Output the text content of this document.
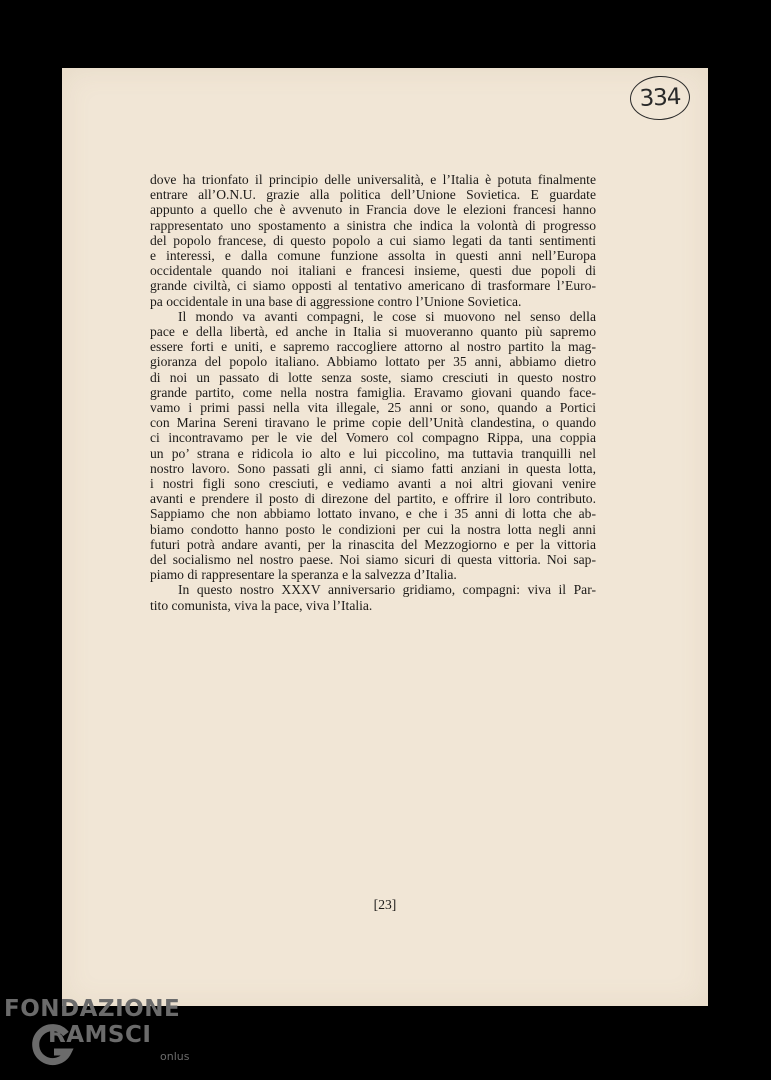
334
dove ha trionfato il principio delle universalità, e l’Italia è potuta finalmente
entrare all’O.N.U. grazie alla politica dell’Unione Sovietica. E guardate
appunto a quello che è avvenuto in Francia dove le elezioni francesi hanno
rappresentato uno spostamento a sinistra che indica la volontà di progresso
del popolo francese, di questo popolo a cui siamo legati da tanti sentimenti
e interessi, e dalla comune funzione assolta in questi anni nell’Europa
occidentale quando noi italiani e francesi insieme, questi due popoli di
grande civiltà, ci siamo opposti al tentativo americano di trasformare l’Euro-
pa occidentale in una base di aggressione contro l’Unione Sovietica.
Il mondo va avanti compagni, le cose si muovono nel senso della
pace e della libertà, ed anche in Italia si muoveranno quanto più sapremo
essere forti e uniti, e sapremo raccogliere attorno al nostro partito la mag-
gioranza del popolo italiano. Abbiamo lottato per 35 anni, abbiamo dietro
di noi un passato di lotte senza soste, siamo cresciuti in questo nostro
grande partito, come nella nostra famiglia. Eravamo giovani quando face-
vamo i primi passi nella vita illegale, 25 anni or sono, quando a Portici
con Marina Sereni tiravano le prime copie dell’Unità clandestina, o quando
ci incontravamo per le vie del Vomero col compagno Rippa, una coppia
un po’ strana e ridicola io alto e lui piccolino, ma tuttavia tranquilli nel
nostro lavoro. Sono passati gli anni, ci siamo fatti anziani in questa lotta,
i nostri figli sono cresciuti, e vediamo avanti a noi altri giovani venire
avanti e prendere il posto di direzone del partito, e offrire il loro contributo.
Sappiamo che non abbiamo lottato invano, e che i 35 anni di lotta che ab-
biamo condotto hanno posto le condizioni per cui la nostra lotta negli anni
futuri potrà andare avanti, per la rinascita del Mezzogiorno e per la vittoria
del socialismo nel nostro paese. Noi siamo sicuri di questa vittoria. Noi sap-
piamo di rappresentare la speranza e la salvezza d’Italia.
In questo nostro XXXV anniversario gridiamo, compagni: viva il Par-
tito comunista, viva la pace, viva l’Italia.
[23]
FONDAZIONE
RAMSCI
onlus
